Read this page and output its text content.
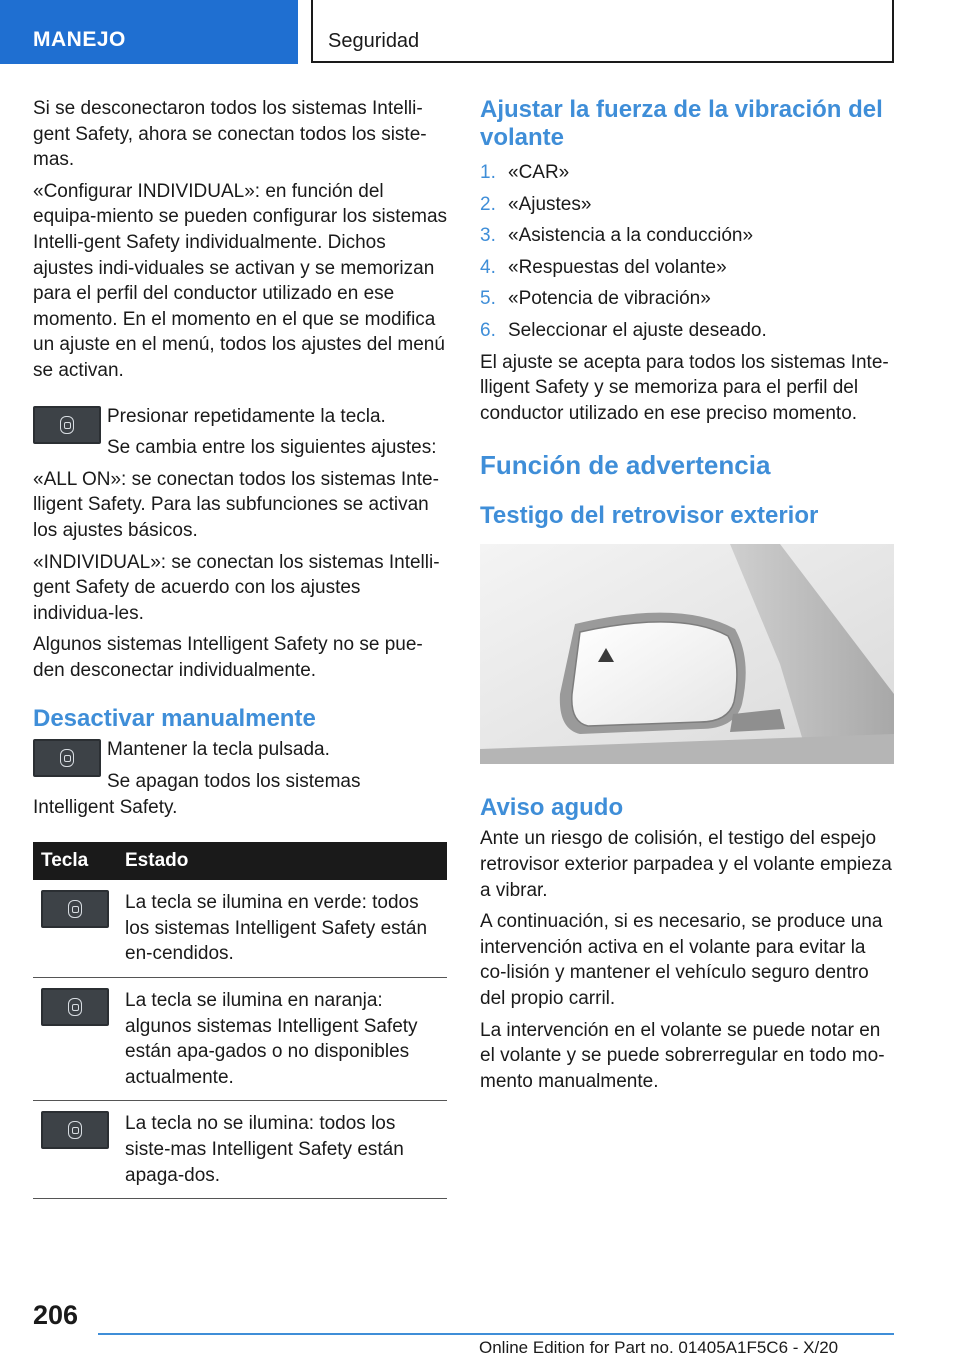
MANEJO	Seguridad

Si se desconectaron todos los sistemas Intelli-gent Safety, ahora se conectan todos los siste-mas.

«Configurar INDIVIDUAL»: en función del equipa-miento se pueden configurar los sistemas Intelli-gent Safety individualmente. Dichos ajustes indi-viduales se activan y se memorizan para el perfil del conductor utilizado en ese momento. En el momento en el que se modifica un ajuste en el menú, todos los ajustes del menú se activan.

Presionar repetidamente la tecla.

Se cambia entre los siguientes ajustes:

«ALL ON»: se conectan todos los sistemas Inte-lligent Safety. Para las subfunciones se activan los ajustes básicos.

«INDIVIDUAL»: se conectan los sistemas Intelli-gent Safety de acuerdo con los ajustes individua-les.

Algunos sistemas Intelligent Safety no se pue-den desconectar individualmente.

Desactivar manualmente

Mantener la tecla pulsada.

Se apagan todos los sistemas Intelligent Safety.

Tecla	Estado

	La tecla se ilumina en verde: todos los sistemas Intelligent Safety están en-cendidos.

	La tecla se ilumina en naranja: algunos sistemas Intelligent Safety están apa-gados o no disponibles actualmente.

	La tecla no se ilumina: todos los siste-mas Intelligent Safety están apaga-dos.
Ajustar la fuerza de la vibración del volante
1. «CAR»
2. «Ajustes»
3. «Asistencia a la conducción»
4. «Respuestas del volante»
5. «Potencia de vibración»
6. Seleccionar el ajuste deseado.

El ajuste se acepta para todos los sistemas Inte-lligent Safety y se memoriza para el perfil del conductor utilizado en ese preciso momento.

Función de advertencia
Testigo del retrovisor exterior
Aviso agudo

Ante un riesgo de colisión, el testigo del espejo retrovisor exterior parpadea y el volante empieza a vibrar.

A continuación, si es necesario, se produce una intervención activa en el volante para evitar la co-lisión y mantener el vehículo seguro dentro del propio carril.

La intervención en el volante se puede notar en el volante y se puede sobrerregular en todo mo-mento manualmente.

206
Online Edition for Part no. 01405A1F5C6 - X/20
